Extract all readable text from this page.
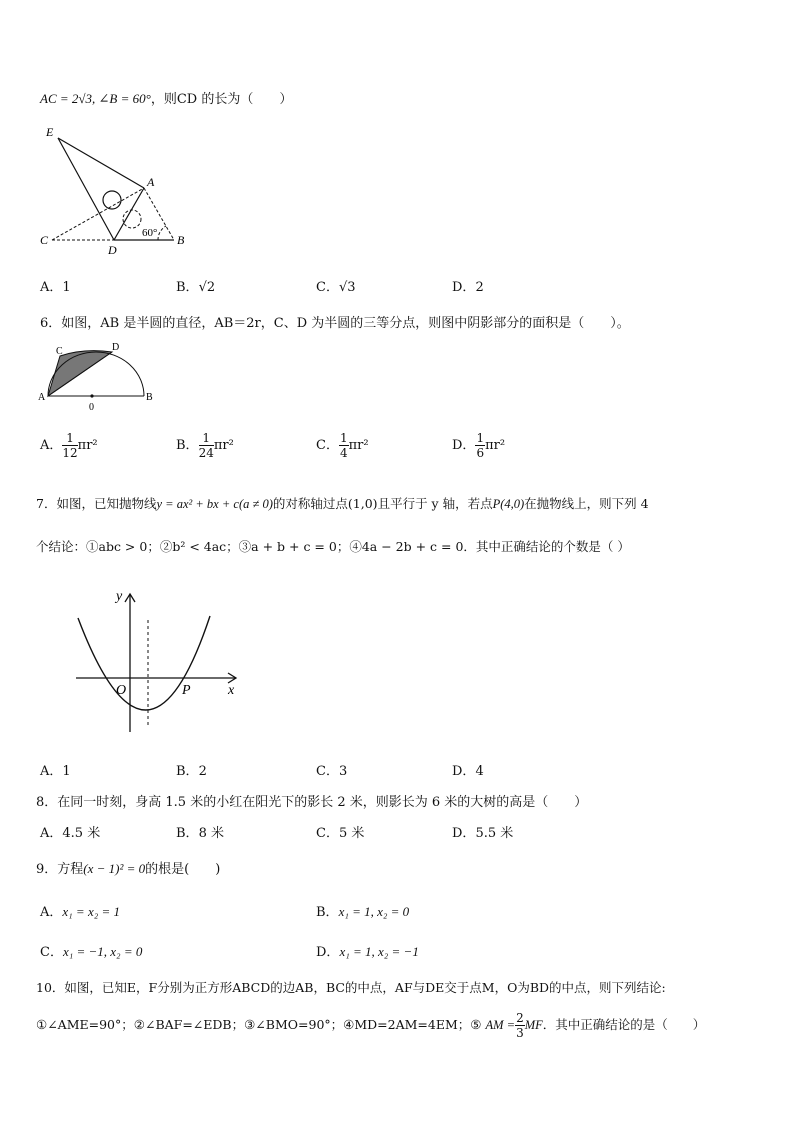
AC = 2√3, ∠B = 60°，则CD 的长为（　　）
E
A
C
D
B
60°
A．1	B．√2	C．√3	D．2
6．如图，AB 是半圆的直径，AB＝2r，C、D 为半圆的三等分点，则图中阴影部分的面积是（　　）。
A	B
C	D
0
A． $\frac{1}{12} \pi r^2$	B． $\frac{1}{24} \pi r^2$	C． $\frac{1}{4} \pi r^2$	D． $\frac{1}{6} \pi r^2$
7．如图，已知抛物线y = ax² + bx + c(a ≠ 0)的对称轴过点(1,0)且平行于 y 轴，若点P(4,0)在抛物线上，则下列 4
个结论：①abc > 0；②b² < 4ac；③a + b + c = 0；④4a − 2b + c = 0．其中正确结论的个数是（ ）
y
x
O	P
A．1	B．2	C．3	D．4
8．在同一时刻，身高 1.5 米的小红在阳光下的影长 2 米，则影长为 6 米的大树的高是（　　）
A．4.5 米	B．8 米	C．5 米	D．5.5 米
9．方程(x − 1)² = 0的根是(　　)
A．x₁ = x₂ = 1	B．x₁ = 1, x₂ = 0
C．x₁ = −1, x₂ = 0	D．x₁ = 1, x₂ = −1
10．如图，已知E，F分别为正方形ABCD的边AB，BC的中点，AF与DE交于点M，O为BD的中点，则下列结论:
①∠AME=90°；②∠BAF=∠EDB；③∠BMO=90°；④MD=2AM=4EM；⑤ AM = $\frac{2}{3}$ MF．其中正确结论的是（　　）
